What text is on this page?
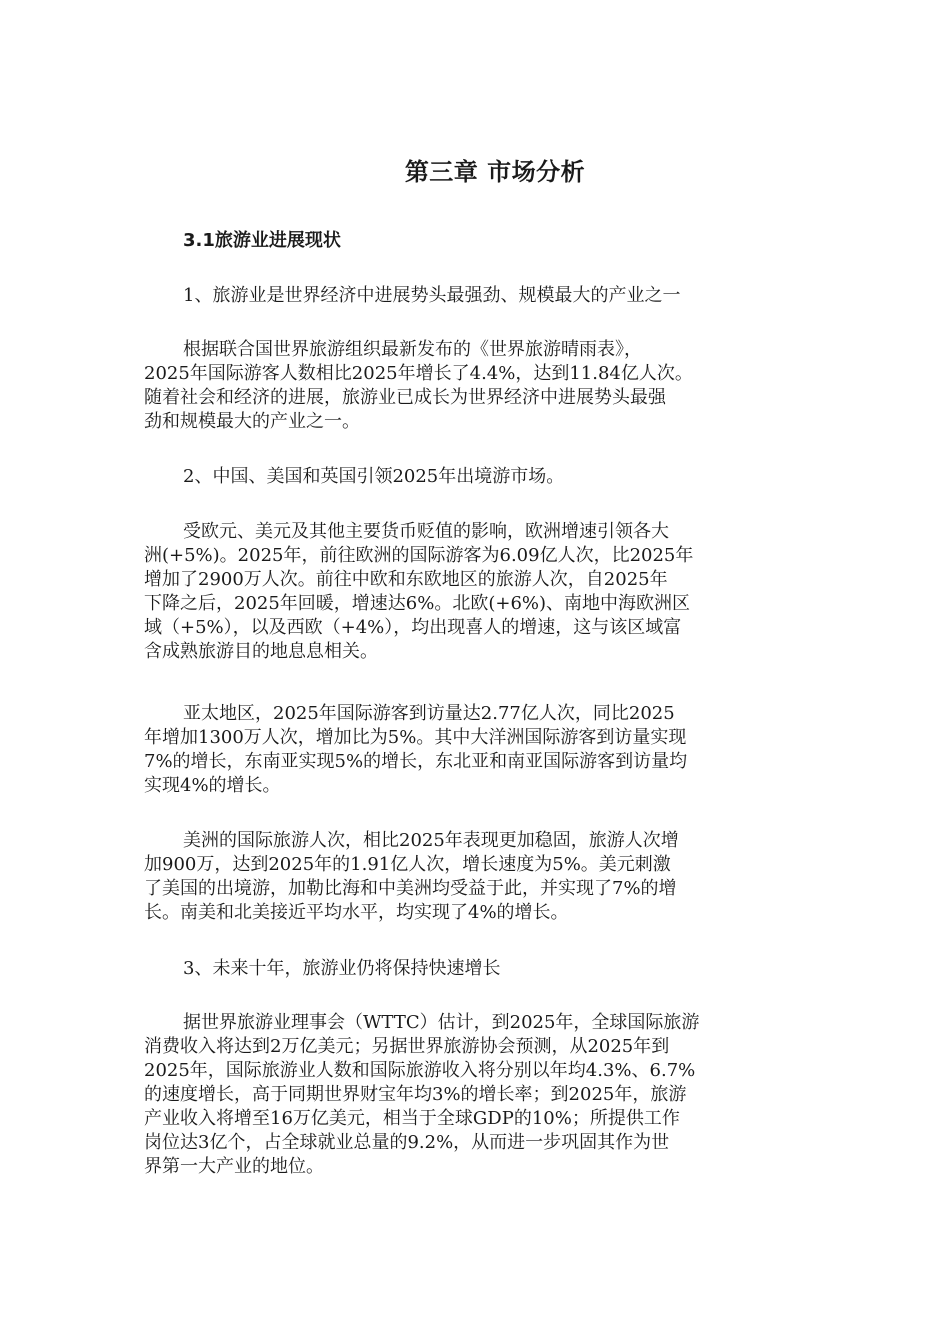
第三章 市场分析
3.1旅游业进展现状

1、旅游业是世界经济中进展势头最强劲、规模最大的产业之一

根据联合国世界旅游组织最新发布的《世界旅游晴雨表》，
2025年国际游客人数相比2025年增长了4.4%，达到11.84亿人次。
随着社会和经济的进展，旅游业已成长为世界经济中进展势头最强
劲和规模最大的产业之一。

2、中国、美国和英国引领2025年出境游市场。

受欧元、美元及其他主要货币贬值的影响，欧洲增速引领各大
洲(+5%)。2025年，前往欧洲的国际游客为6.09亿人次，比2025年
增加了2900万人次。前往中欧和东欧地区的旅游人次，自2025年
下降之后，2025年回暖，增速达6%。北欧(+6%)、南地中海欧洲区
域（+5%），以及西欧（+4%），均出现喜人的增速，这与该区域富
含成熟旅游目的地息息相关。
亚太地区，2025年国际游客到访量达2.77亿人次，同比2025
年增加1300万人次，增加比为5%。其中大洋洲国际游客到访量实现
7%的增长，东南亚实现5%的增长，东北亚和南亚国际游客到访量均
实现4%的增长。
美洲的国际旅游人次，相比2025年表现更加稳固，旅游人次增
加900万，达到2025年的1.91亿人次，增长速度为5%。美元刺激
了美国的出境游，加勒比海和中美洲均受益于此，并实现了7%的增
长。南美和北美接近平均水平，均实现了4%的增长。

3、未来十年，旅游业仍将保持快速增长

据世界旅游业理事会（WTTC）估计，到2025年，全球国际旅游
消费收入将达到2万亿美元；另据世界旅游协会预测，从2025年到
2025年，国际旅游业人数和国际旅游收入将分别以年均4.3%、6.7%
的速度增长，高于同期世界财宝年均3%的增长率；到2025年，旅游
产业收入将增至16万亿美元，相当于全球GDP的10%；所提供工作
岗位达3亿个，占全球就业总量的9.2%，从而进一步巩固其作为世
界第一大产业的地位。
